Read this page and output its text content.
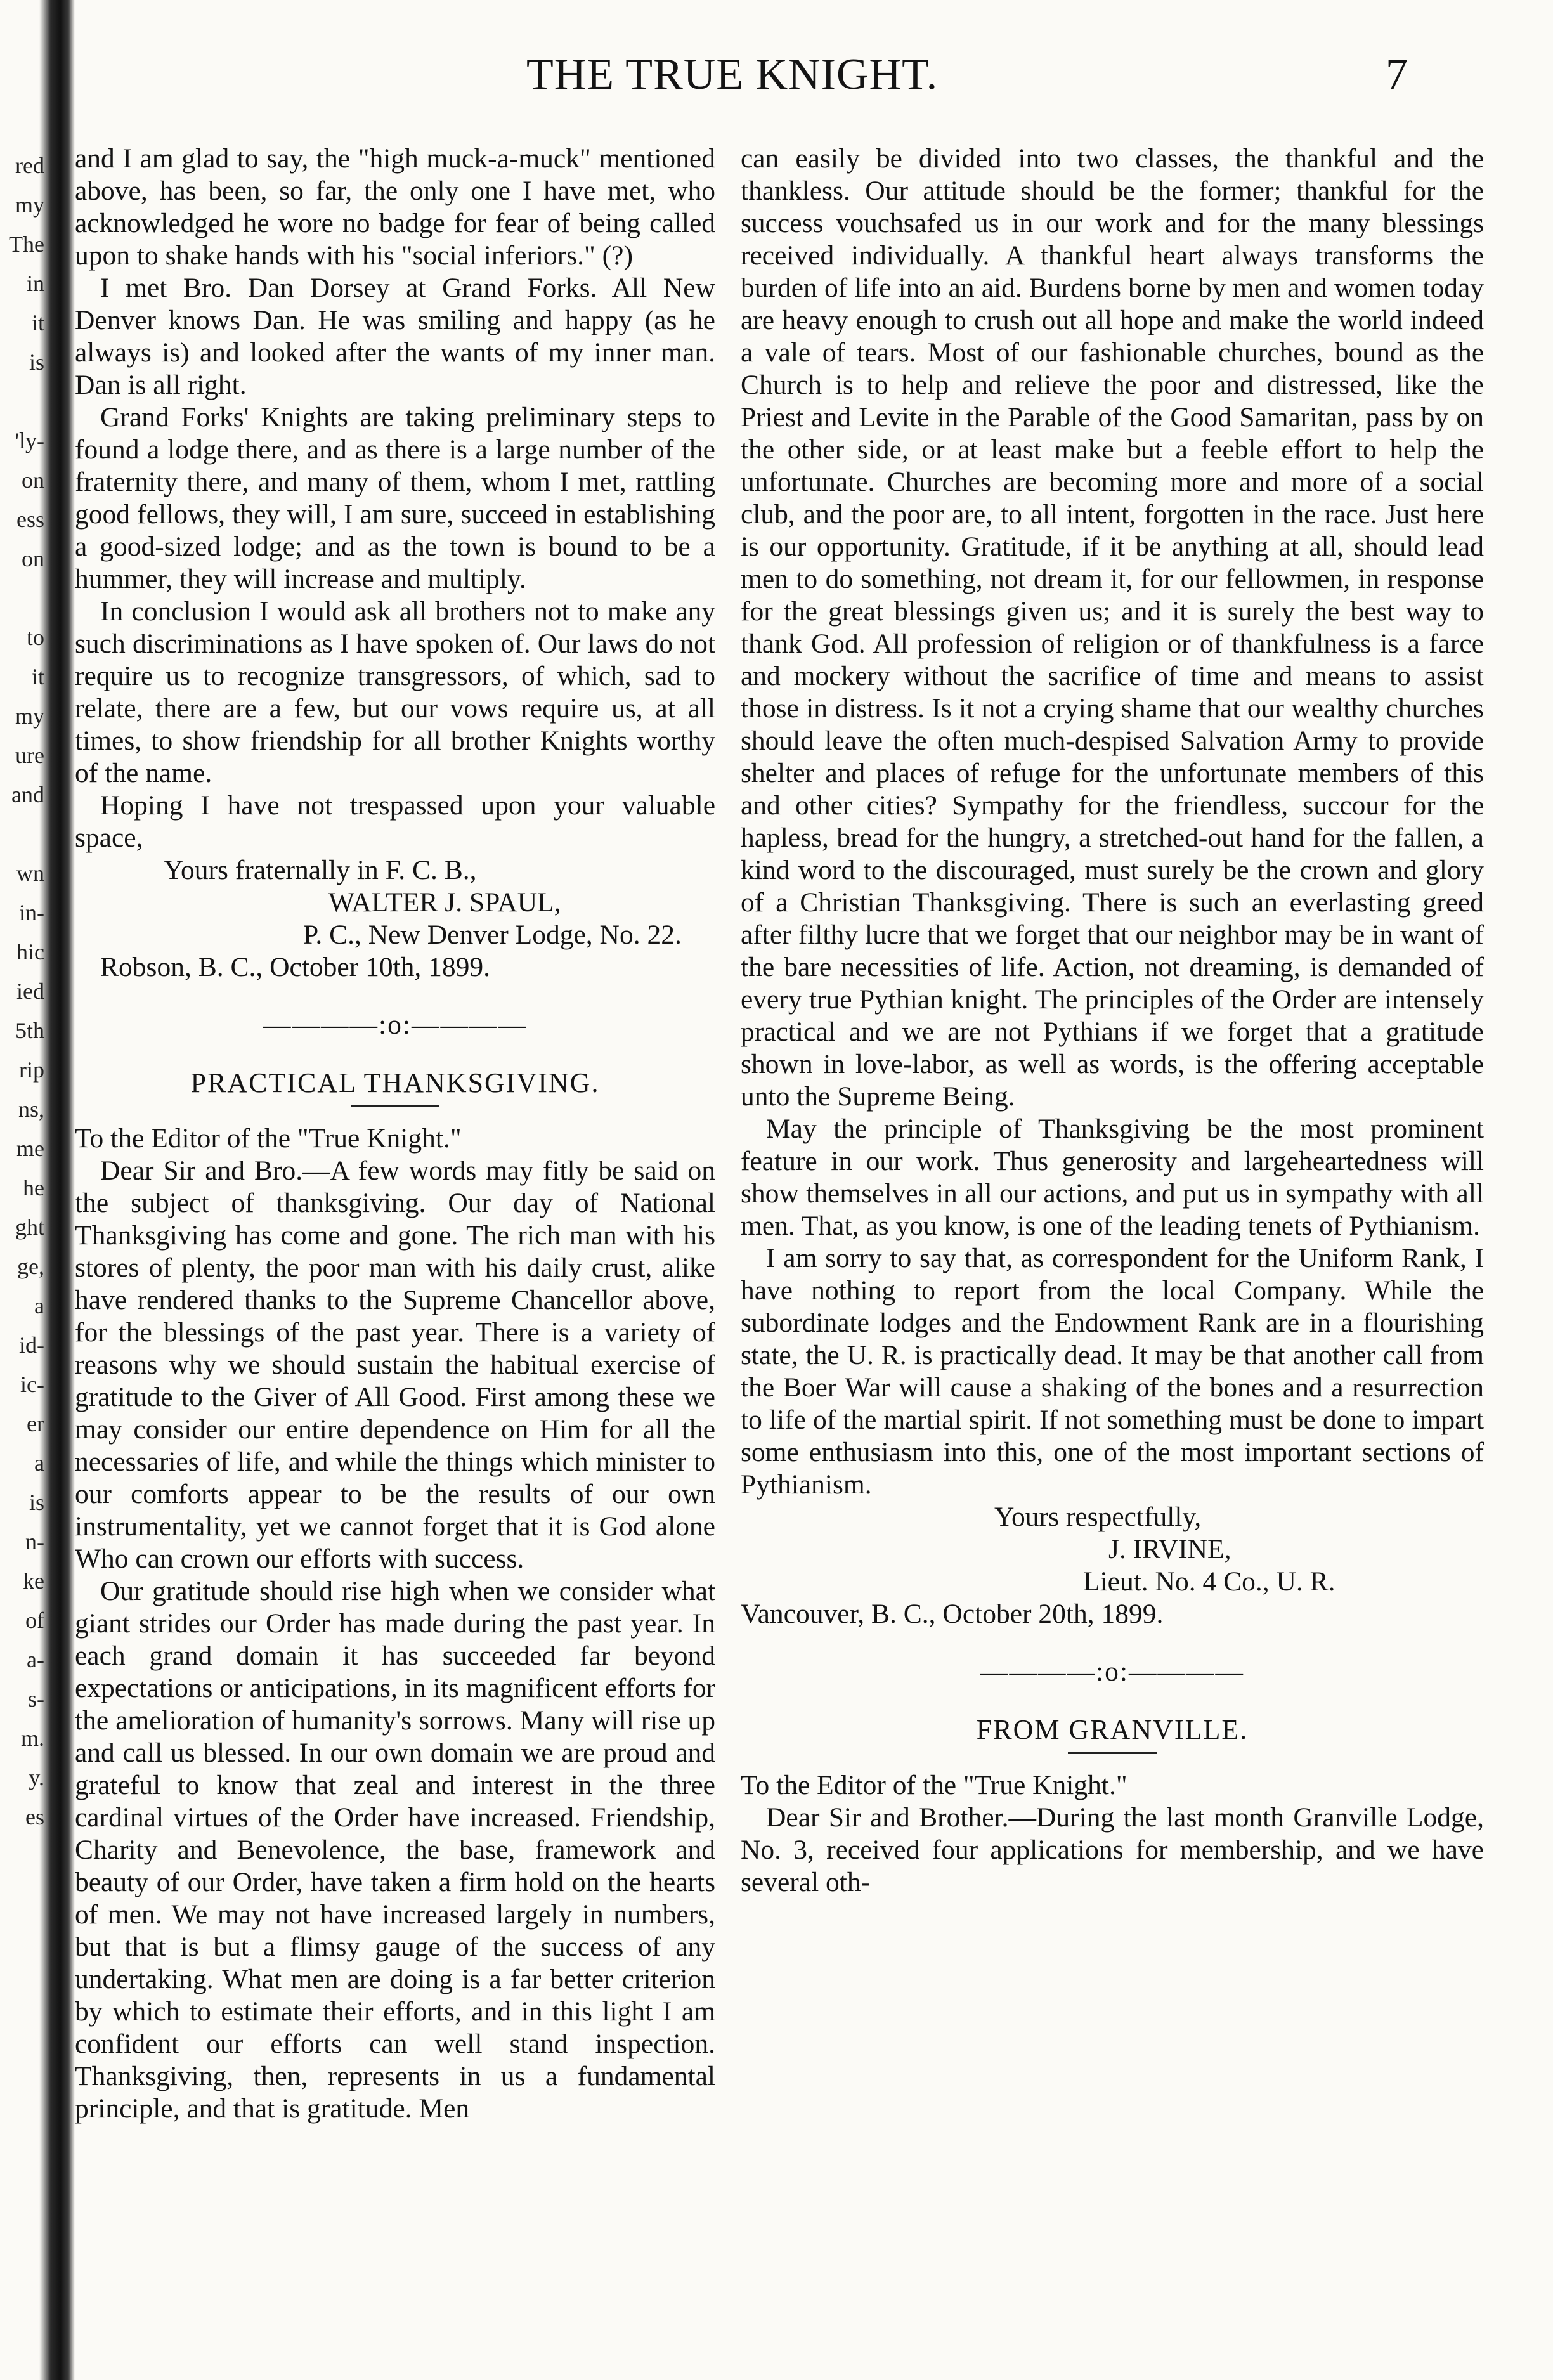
red
my
The
in
it
is
'ly-
on
ess
on
to
it
my
ure
and
wn
in-
hic
ied
5th
rip
ns,
me
he
ght
ge,
a
id-
ic-
er
a
is
n-
ke
of
a-
s-
m.
y.
es
THE TRUE KNIGHT.	7

and I am glad to say, the "high muck-a-muck" mentioned above, has been, so far, the only one I have met, who acknowledged he wore no badge for fear of being called upon to shake hands with his "social inferiors." (?)

I met Bro. Dan Dorsey at Grand Forks. All New Denver knows Dan. He was smiling and happy (as he always is) and looked after the wants of my inner man. Dan is all right.

Grand Forks' Knights are taking preliminary steps to found a lodge there, and as there is a large number of the fraternity there, and many of them, whom I met, rattling good fellows, they will, I am sure, succeed in establishing a good-sized lodge; and as the town is bound to be a hummer, they will increase and multiply.

In conclusion I would ask all brothers not to make any such discriminations as I have spoken of. Our laws do not require us to recognize transgressors, of which, sad to relate, there are a few, but our vows require us, at all times, to show friendship for all brother Knights worthy of the name.

Hoping I have not trespassed upon your valuable space,

Yours fraternally in F. C. B.,

WALTER J. SPAUL,

P. C., New Denver Lodge, No. 22.

Robson, B. C., October 10th, 1899.

————:o:————
PRACTICAL THANKSGIVING.

To the Editor of the "True Knight."

Dear Sir and Bro.—A few words may fitly be said on the subject of thanksgiving. Our day of National Thanksgiving has come and gone. The rich man with his stores of plenty, the poor man with his daily crust, alike have rendered thanks to the Supreme Chancellor above, for the blessings of the past year. There is a variety of reasons why we should sustain the habitual exercise of gratitude to the Giver of All Good. First among these we may consider our entire dependence on Him for all the necessaries of life, and while the things which minister to our comforts appear to be the results of our own instrumentality, yet we cannot forget that it is God alone Who can crown our efforts with success.

Our gratitude should rise high when we consider what giant strides our Order has made during the past year. In each grand domain it has succeeded far beyond expectations or anticipations, in its magnificent efforts for the amelioration of humanity's sorrows. Many will rise up and call us blessed. In our own domain we are proud and grateful to know that zeal and interest in the three cardinal virtues of the Order have increased. Friendship, Charity and Benevolence, the base, framework and beauty of our Order, have taken a firm hold on the hearts of men. We may not have increased largely in numbers, but that is but a flimsy gauge of the success of any undertaking. What men are doing is a far better criterion by which to estimate their efforts, and in this light I am confident our efforts can well stand inspection. Thanksgiving, then, represents in us a fundamental principle, and that is gratitude. Men

can easily be divided into two classes, the thankful and the thankless. Our attitude should be the former; thankful for the success vouchsafed us in our work and for the many blessings received individually. A thankful heart always transforms the burden of life into an aid. Burdens borne by men and women today are heavy enough to crush out all hope and make the world indeed a vale of tears. Most of our fashionable churches, bound as the Church is to help and relieve the poor and distressed, like the Priest and Levite in the Parable of the Good Samaritan, pass by on the other side, or at least make but a feeble effort to help the unfortunate. Churches are becoming more and more of a social club, and the poor are, to all intent, forgotten in the race. Just here is our opportunity. Gratitude, if it be anything at all, should lead men to do something, not dream it, for our fellowmen, in response for the great blessings given us; and it is surely the best way to thank God. All profession of religion or of thankfulness is a farce and mockery without the sacrifice of time and means to assist those in distress. Is it not a crying shame that our wealthy churches should leave the often much-despised Salvation Army to provide shelter and places of refuge for the unfortunate members of this and other cities? Sympathy for the friendless, succour for the hapless, bread for the hungry, a stretched-out hand for the fallen, a kind word to the discouraged, must surely be the crown and glory of a Christian Thanksgiving. There is such an everlasting greed after filthy lucre that we forget that our neighbor may be in want of the bare necessities of life. Action, not dreaming, is demanded of every true Pythian knight. The principles of the Order are intensely practical and we are not Pythians if we forget that a gratitude shown in love-labor, as well as words, is the offering acceptable unto the Supreme Being.

May the principle of Thanksgiving be the most prominent feature in our work. Thus generosity and largeheartedness will show themselves in all our actions, and put us in sympathy with all men. That, as you know, is one of the leading tenets of Pythianism.

I am sorry to say that, as correspondent for the Uniform Rank, I have nothing to report from the local Company. While the subordinate lodges and the Endowment Rank are in a flourishing state, the U. R. is practically dead. It may be that another call from the Boer War will cause a shaking of the bones and a resurrection to life of the martial spirit. If not something must be done to impart some enthusiasm into this, one of the most important sections of Pythianism.

Yours respectfully,

J. IRVINE,

Lieut. No. 4 Co., U. R.

Vancouver, B. C., October 20th, 1899.

————:o:————
FROM GRANVILLE.

To the Editor of the "True Knight."

Dear Sir and Brother.—During the last month Granville Lodge, No. 3, received four applications for membership, and we have several oth-
